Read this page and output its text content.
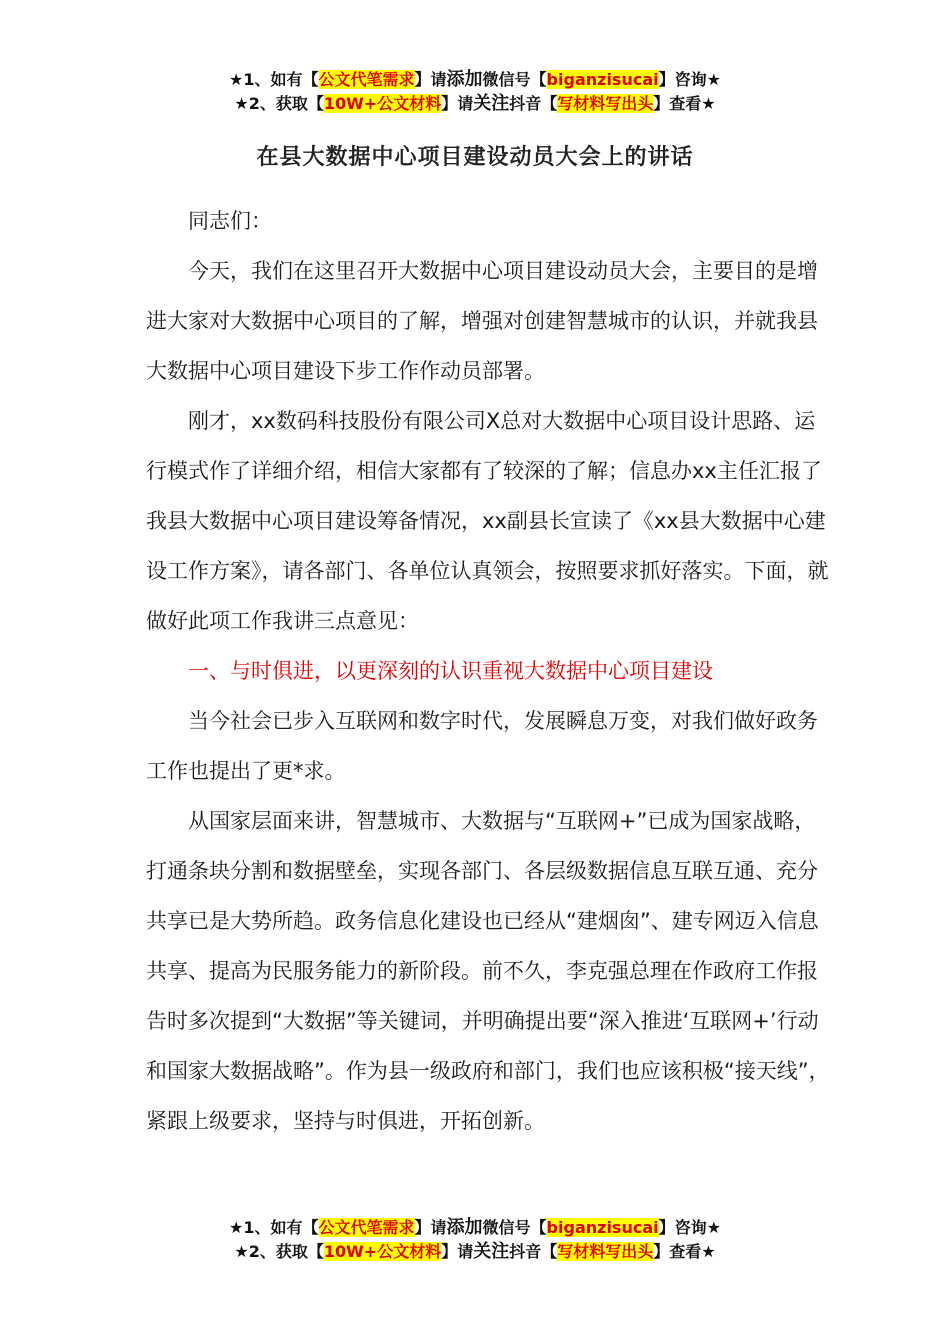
★1、如有【公文代笔需求】请添加微信号【biganzisucai】咨询★
★2、获取【10W+公文材料】请关注抖音【写材料写出头】查看★
在县大数据中心项目建设动员大会上的讲话

同志们：

今天，我们在这里召开大数据中心项目建设动员大会，主要目的是增进大家对大数据中心项目的了解，增强对创建智慧城市的认识，并就我县大数据中心项目建设下步工作作动员部署。

刚才，xx数码科技股份有限公司X总对大数据中心项目设计思路、运行模式作了详细介绍，相信大家都有了较深的了解；信息办xx主任汇报了我县大数据中心项目建设筹备情况，xx副县长宣读了《xx县大数据中心建设工作方案》，请各部门、各单位认真领会，按照要求抓好落实。下面，就做好此项工作我讲三点意见：

一、与时俱进，以更深刻的认识重视大数据中心项目建设

当今社会已步入互联网和数字时代，发展瞬息万变，对我们做好政务工作也提出了更*求。

从国家层面来讲，智慧城市、大数据与“互联网+”已成为国家战略，打通条块分割和数据壁垒，实现各部门、各层级数据信息互联互通、充分共享已是大势所趋。政务信息化建设也已经从“建烟囱”、建专网迈入信息共享、提高为民服务能力的新阶段。前不久，李克强总理在作政府工作报告时多次提到“大数据”等关键词，并明确提出要“深入推进‘互联网+’行动和国家大数据战略”。作为县一级政府和部门，我们也应该积极“接天线”，紧跟上级要求，坚持与时俱进，开拓创新。

★1、如有【公文代笔需求】请添加微信号【biganzisucai】咨询★
★2、获取【10W+公文材料】请关注抖音【写材料写出头】查看★
